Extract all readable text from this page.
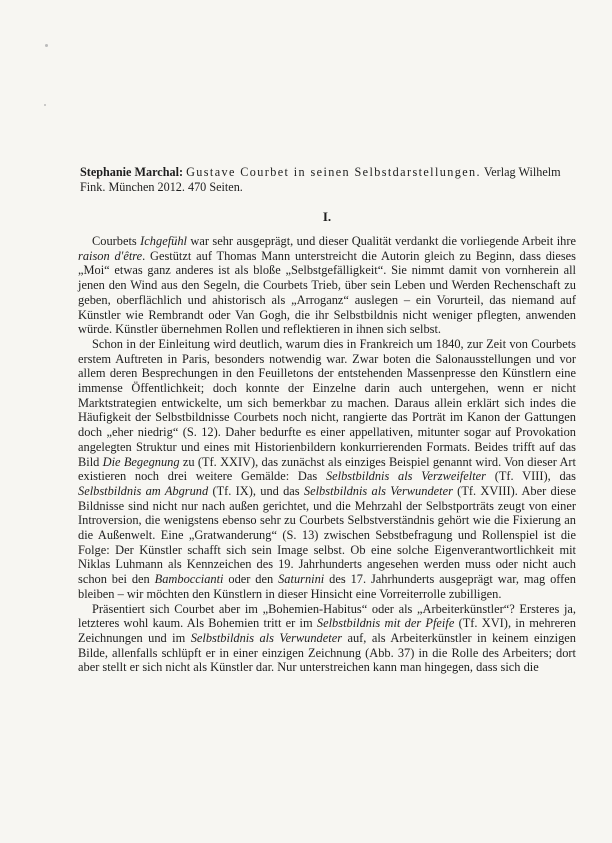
Stephanie Marchal: Gustave Courbet in seinen Selbstdarstellungen. Verlag Wilhelm Fink. München 2012. 470 Seiten.

I.

Courbets Ichgefühl war sehr ausgeprägt, und dieser Qualität verdankt die vorliegende Arbeit ihre raison d'être. Gestützt auf Thomas Mann unterstreicht die Autorin gleich zu Beginn, dass dieses „Moi“ etwas ganz anderes ist als bloße „Selbstgefälligkeit“. Sie nimmt damit von vornherein all jenen den Wind aus den Segeln, die Courbets Trieb, über sein Leben und Werden Rechenschaft zu geben, oberflächlich und ahistorisch als „Arroganz“ auslegen – ein Vorurteil, das niemand auf Künstler wie Rembrandt oder Van Gogh, die ihr Selbstbildnis nicht weniger pflegten, anwenden würde. Künstler übernehmen Rollen und reflektieren in ihnen sich selbst.

Schon in der Einleitung wird deutlich, warum dies in Frankreich um 1840, zur Zeit von Courbets erstem Auftreten in Paris, besonders notwendig war. Zwar boten die Salonausstellungen und vor allem deren Besprechungen in den Feuilletons der entstehenden Massenpresse den Künstlern eine immense Öffentlichkeit; doch konnte der Einzelne darin auch untergehen, wenn er nicht Marktstrategien entwickelte, um sich bemerkbar zu machen. Daraus allein erklärt sich indes die Häufigkeit der Selbstbildnisse Courbets noch nicht, rangierte das Porträt im Kanon der Gattungen doch „eher niedrig“ (S. 12). Daher bedurfte es einer appellativen, mitunter sogar auf Provokation angelegten Struktur und eines mit Historienbildern konkurrierenden Formats. Beides trifft auf das Bild Die Begegnung zu (Tf. XXIV), das zunächst als einziges Beispiel genannt wird. Von dieser Art existieren noch drei weitere Gemälde: Das Selbstbildnis als Verzweifelter (Tf. VIII), das Selbstbildnis am Abgrund (Tf. IX), und das Selbstbildnis als Verwundeter (Tf. XVIII). Aber diese Bildnisse sind nicht nur nach außen gerichtet, und die Mehrzahl der Selbstporträts zeugt von einer Introversion, die wenigstens ebenso sehr zu Courbets Selbstverständnis gehört wie die Fixierung an die Außenwelt. Eine „Gratwanderung“ (S. 13) zwischen Sebstbefragung und Rollenspiel ist die Folge: Der Künstler schafft sich sein Image selbst. Ob eine solche Eigenverantwortlichkeit mit Niklas Luhmann als Kennzeichen des 19. Jahrhunderts angesehen werden muss oder nicht auch schon bei den Bamboccianti oder den Saturnini des 17. Jahrhunderts ausgeprägt war, mag offen bleiben – wir möchten den Künstlern in dieser Hinsicht eine Vorreiterrolle zubilligen.

Präsentiert sich Courbet aber im „Bohemien-Habitus“ oder als „Arbeiterkünstler“? Ersteres ja, letzteres wohl kaum. Als Bohemien tritt er im Selbstbildnis mit der Pfeife (Tf. XVI), in mehreren Zeichnungen und im Selbstbildnis als Verwundeter auf, als Arbeiterkünstler in keinem einzigen Bilde, allenfalls schlüpft er in einer einzigen Zeichnung (Abb. 37) in die Rolle des Arbeiters; dort aber stellt er sich nicht als Künstler dar. Nur unterstreichen kann man hingegen, dass sich die
